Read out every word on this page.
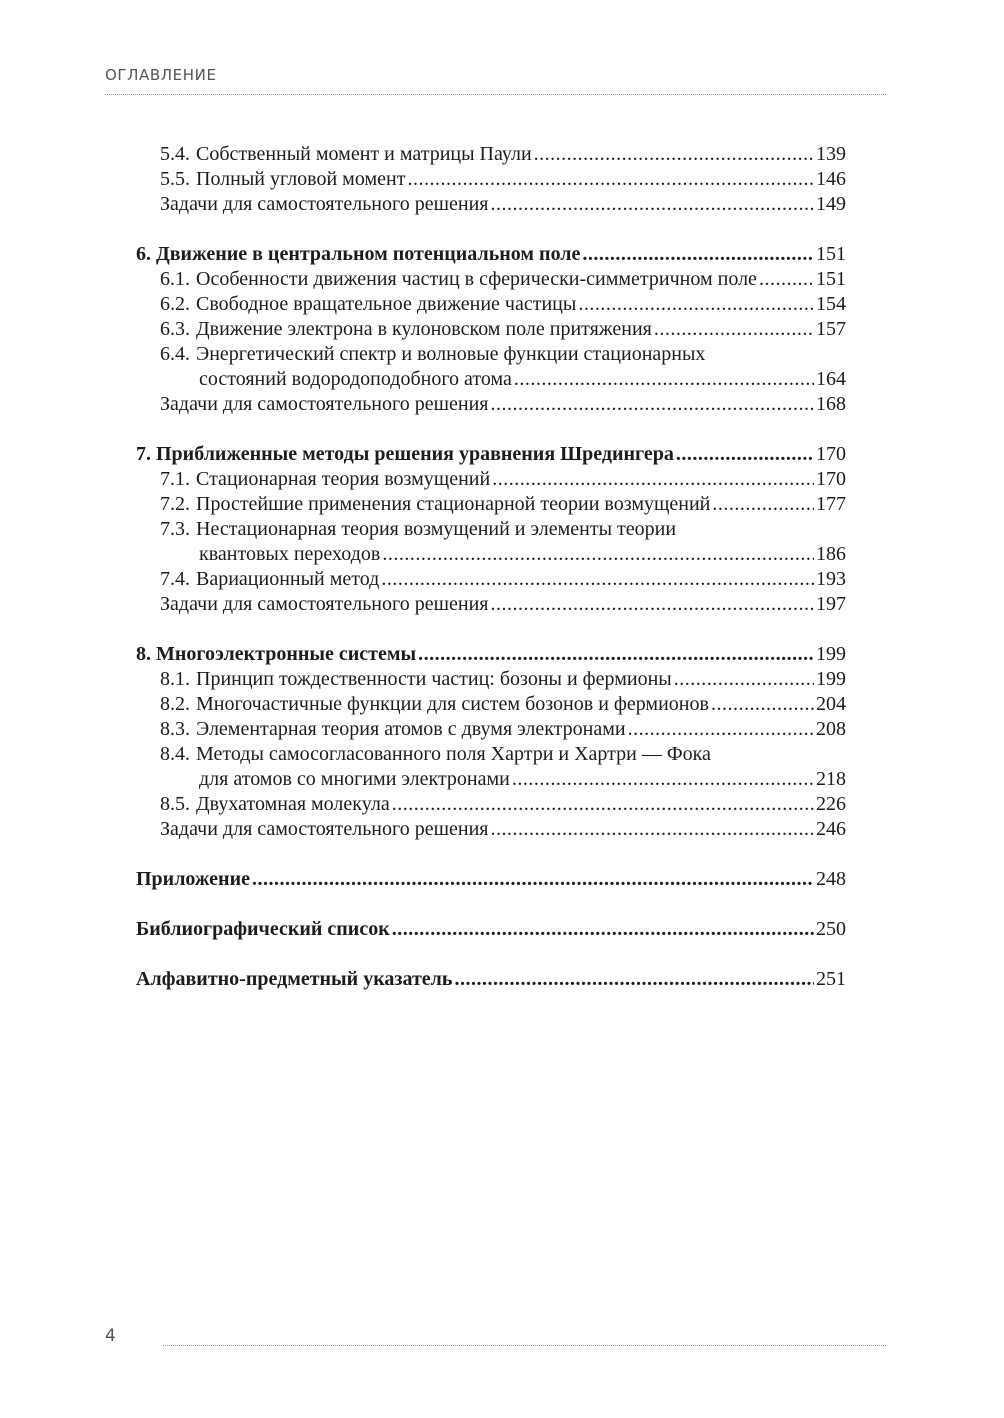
ОГЛАВЛЕНИЕ
5.4. Собственный момент и матрицы Паули .....	139
5.5. Полный угловой момент .....	146
Задачи для самостоятельного решения .....	149
6. Движение в центральном потенциальном поле .....	151
6.1. Особенности движения частиц в сферически-симметричном поле .....	151
6.2. Свободное вращательное движение частицы .....	154
6.3. Движение электрона в кулоновском поле притяжения .....	157
6.4. Энергетический спектр и волновые функции стационарных
состояний водородоподобного атома .....	164
Задачи для самостоятельного решения .....	168
7. Приближенные методы решения уравнения Шредингера .....	170
7.1. Стационарная теория возмущений .....	170
7.2. Простейшие применения стационарной теории возмущений .....	177
7.3. Нестационарная теория возмущений и элементы теории
квантовых переходов .....	186
7.4. Вариационный метод .....	193
Задачи для самостоятельного решения .....	197
8. Многоэлектронные системы .....	199
8.1. Принцип тождественности частиц: бозоны и фермионы .....	199
8.2. Многочастичные функции для систем бозонов и фермионов .....	204
8.3. Элементарная теория атомов с двумя электронами .....	208
8.4. Методы самосогласованного поля Хартри и Хартри — Фока
для атомов со многими электронами .....	218
8.5. Двухатомная молекула .....	226
Задачи для самостоятельного решения .....	246
Приложение .....	248
Библиографический список .....	250
Алфавитно-предметный указатель .....	251
4
